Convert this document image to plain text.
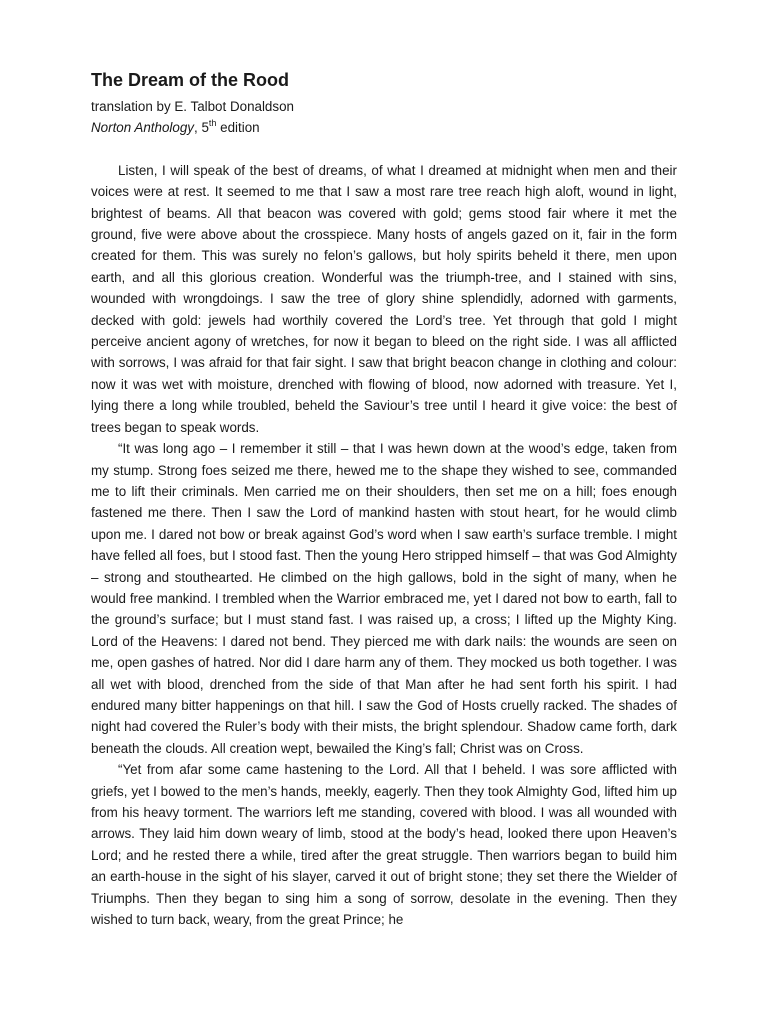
The Dream of the Rood

translation by E. Talbot Donaldson

Norton Anthology, 5th edition

Listen, I will speak of the best of dreams, of what I dreamed at midnight when men and their voices were at rest. It seemed to me that I saw a most rare tree reach high aloft, wound in light, brightest of beams. All that beacon was covered with gold; gems stood fair where it met the ground, five were above about the crosspiece. Many hosts of angels gazed on it, fair in the form created for them. This was surely no felon’s gallows, but holy spirits beheld it there, men upon earth, and all this glorious creation. Wonderful was the triumph-tree, and I stained with sins, wounded with wrongdoings. I saw the tree of glory shine splendidly, adorned with garments, decked with gold: jewels had worthily covered the Lord’s tree. Yet through that gold I might perceive ancient agony of wretches, for now it began to bleed on the right side. I was all afflicted with sorrows, I was afraid for that fair sight. I saw that bright beacon change in clothing and colour: now it was wet with moisture, drenched with flowing of blood, now adorned with treasure. Yet I, lying there a long while troubled, beheld the Saviour’s tree until I heard it give voice: the best of trees began to speak words.

“It was long ago – I remember it still – that I was hewn down at the wood’s edge, taken from my stump. Strong foes seized me there, hewed me to the shape they wished to see, commanded me to lift their criminals. Men carried me on their shoulders, then set me on a hill; foes enough fastened me there. Then I saw the Lord of mankind hasten with stout heart, for he would climb upon me. I dared not bow or break against God’s word when I saw earth’s surface tremble. I might have felled all foes, but I stood fast. Then the young Hero stripped himself – that was God Almighty – strong and stouthearted. He climbed on the high gallows, bold in the sight of many, when he would free mankind. I trembled when the Warrior embraced me, yet I dared not bow to earth, fall to the ground’s surface; but I must stand fast. I was raised up, a cross; I lifted up the Mighty King. Lord of the Heavens: I dared not bend. They pierced me with dark nails: the wounds are seen on me, open gashes of hatred. Nor did I dare harm any of them. They mocked us both together. I was all wet with blood, drenched from the side of that Man after he had sent forth his spirit. I had endured many bitter happenings on that hill. I saw the God of Hosts cruelly racked. The shades of night had covered the Ruler’s body with their mists, the bright splendour. Shadow came forth, dark beneath the clouds. All creation wept, bewailed the King’s fall; Christ was on Cross.

“Yet from afar some came hastening to the Lord. All that I beheld. I was sore afflicted with griefs, yet I bowed to the men’s hands, meekly, eagerly. Then they took Almighty God, lifted him up from his heavy torment. The warriors left me standing, covered with blood. I was all wounded with arrows. They laid him down weary of limb, stood at the body’s head, looked there upon Heaven’s Lord; and he rested there a while, tired after the great struggle. Then warriors began to build him an earth-house in the sight of his slayer, carved it out of bright stone; they set there the Wielder of Triumphs. Then they began to sing him a song of sorrow, desolate in the evening. Then they wished to turn back, weary, from the great Prince; he
